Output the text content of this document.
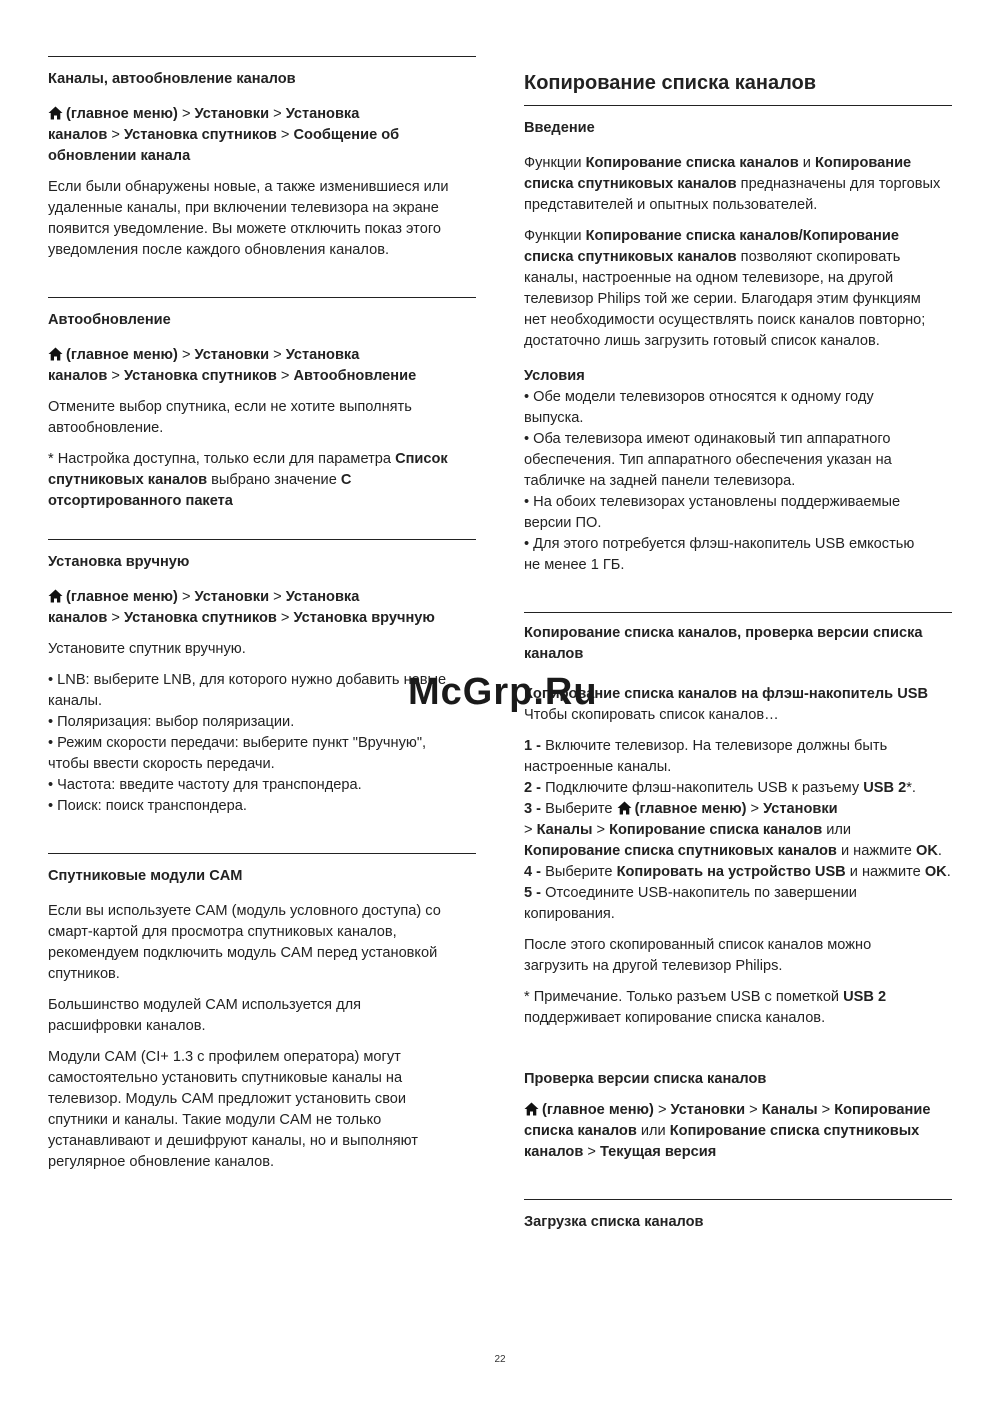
Каналы, автообновление каналов

(главное меню) > Установки > Установка
каналов > Установка спутников > Сообщение об
обновлении канала

Если были обнаружены новые, а также изменившиеся или
удаленные каналы, при включении телевизора на экране
появится уведомление. Вы можете отключить показ этого
уведомления после каждого обновления каналов.

Автообновление

(главное меню) > Установки > Установка
каналов > Установка спутников > Автообновление

Отмените выбор спутника, если не хотите выполнять
автообновление.

* Настройка доступна, только если для параметра Список
спутниковых каналов выбрано значение С
отсортированного пакета

Установка вручную

(главное меню) > Установки > Установка
каналов > Установка спутников > Установка вручную

Установите спутник вручную.

• LNB: выберите LNB, для которого нужно добавить новые
каналы.
• Поляризация: выбор поляризации.
• Режим скорости передачи: выберите пункт "Вручную",
чтобы ввести скорость передачи.
• Частота: введите частоту для транспондера.
• Поиск: поиск транспондера.

Спутниковые модули CAM

Если вы используете CAM (модуль условного доступа) со
смарт-картой для просмотра спутниковых каналов,
рекомендуем подключить модуль CAM перед установкой
спутников.

Большинство модулей CAM используется для
расшифровки каналов.

Модули CAM (CI+ 1.3 с профилем оператора) могут
самостоятельно установить спутниковые каналы на
телевизор. Модуль CAM предложит установить свои
спутники и каналы. Такие модули CAM не только
устанавливают и дешифруют каналы, но и выполняют
регулярное обновление каналов.

Копирование списка каналов
Введение

Функции Копирование списка каналов и Копирование
списка спутниковых каналов предназначены для торговых
представителей и опытных пользователей.

Функции Копирование списка каналов/Копирование
списка спутниковых каналов позволяют скопировать
каналы, настроенные на одном телевизоре, на другой
телевизор Philips той же серии. Благодаря этим функциям
нет необходимости осуществлять поиск каналов повторно;
достаточно лишь загрузить готовый список каналов.

Условия

• Обе модели телевизоров относятся к одному году
выпуска.
• Оба телевизора имеют одинаковый тип аппаратного
обеспечения. Тип аппаратного обеспечения указан на
табличке на задней панели телевизора.
• На обоих телевизорах установлены поддерживаемые
версии ПО.
• Для этого потребуется флэш-накопитель USB емкостью
не менее 1 ГБ.

Копирование списка каналов, проверка версии списка
каналов
Копирование списка каналов на флэш-накопитель USB

Чтобы скопировать список каналов…

1 - Включите телевизор. На телевизоре должны быть
настроенные каналы.
2 - Подключите флэш-накопитель USB к разъему USB 2*.
3 - Выберите (главное меню) > Установки
> Каналы > Копирование списка каналов или
Копирование списка спутниковых каналов и нажмите OK.
4 - Выберите Копировать на устройство USB и нажмите OK.
5 - Отсоедините USB-накопитель по завершении
копирования.

После этого скопированный список каналов можно
загрузить на другой телевизор Philips.

* Примечание. Только разъем USB с пометкой USB 2
поддерживает копирование списка каналов.

Проверка версии списка каналов

(главное меню) > Установки > Каналы > Копирование
списка каналов или Копирование списка спутниковых
каналов > Текущая версия

Загрузка списка каналов
McGrp.Ru
22
